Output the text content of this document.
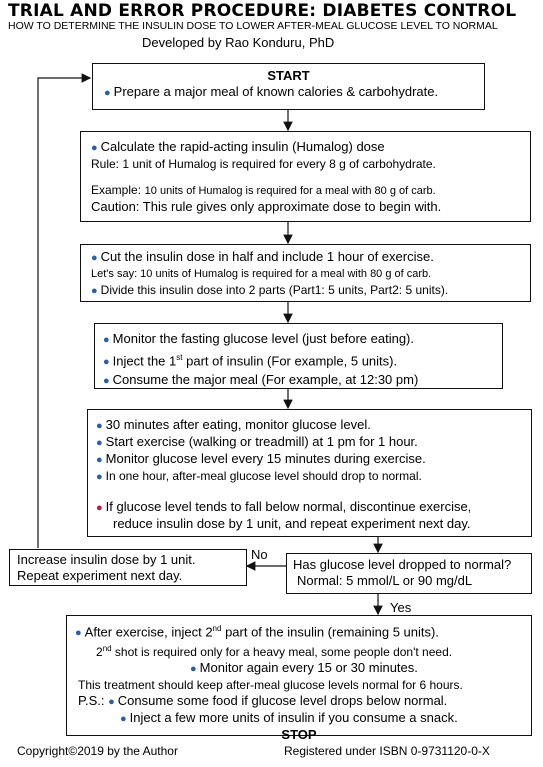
TRIAL AND ERROR PROCEDURE: DIABETES CONTROL
HOW TO DETERMINE THE INSULIN DOSE TO LOWER AFTER-MEAL GLUCOSE LEVEL TO NORMAL
Developed by Rao Konduru, PhD
START
● Prepare a major meal of known calories & carbohydrate.
● Calculate the rapid-acting insulin (Humalog) dose
Rule: 1 unit of Humalog is required for every 8 g of carbohydrate.
Example: 10 units of Humalog is required for a meal with 80 g of carb.
Caution: This rule gives only approximate dose to begin with.
● Cut the insulin dose in half and include 1 hour of exercise.
Let's say: 10 units of Humalog is required for a meal with 80 g of carb.
● Divide this insulin dose into 2 parts (Part1: 5 units, Part2: 5 units).
● Monitor the fasting glucose level (just before eating).
● Inject the 1st part of insulin (For example, 5 units).
● Consume the major meal (For example, at 12:30 pm)
● 30 minutes after eating, monitor glucose level.
● Start exercise (walking or treadmill) at 1 pm for 1 hour.
● Monitor glucose level every 15 minutes during exercise.
● In one hour, after-meal glucose level should drop to normal.
● If glucose level tends to fall below normal, discontinue exercise,
reduce insulin dose by 1 unit, and repeat experiment next day.
Has glucose level dropped to normal?
Normal: 5 mmol/L or 90 mg/dL
No
Yes
Increase insulin dose by 1 unit.
Repeat experiment next day.
● After exercise, inject 2nd part of the insulin (remaining 5 units).
2nd shot is required only for a heavy meal, some people don't need.
● Monitor again every 15 or 30 minutes.
This treatment should keep after-meal glucose levels normal for 6 hours.
P.S.: ● Consume some food if glucose level drops below normal.
● Inject a few more units of insulin if you consume a snack.
STOP
Copyright©2019 by the Author	Registered under ISBN 0-9731120-0-X
